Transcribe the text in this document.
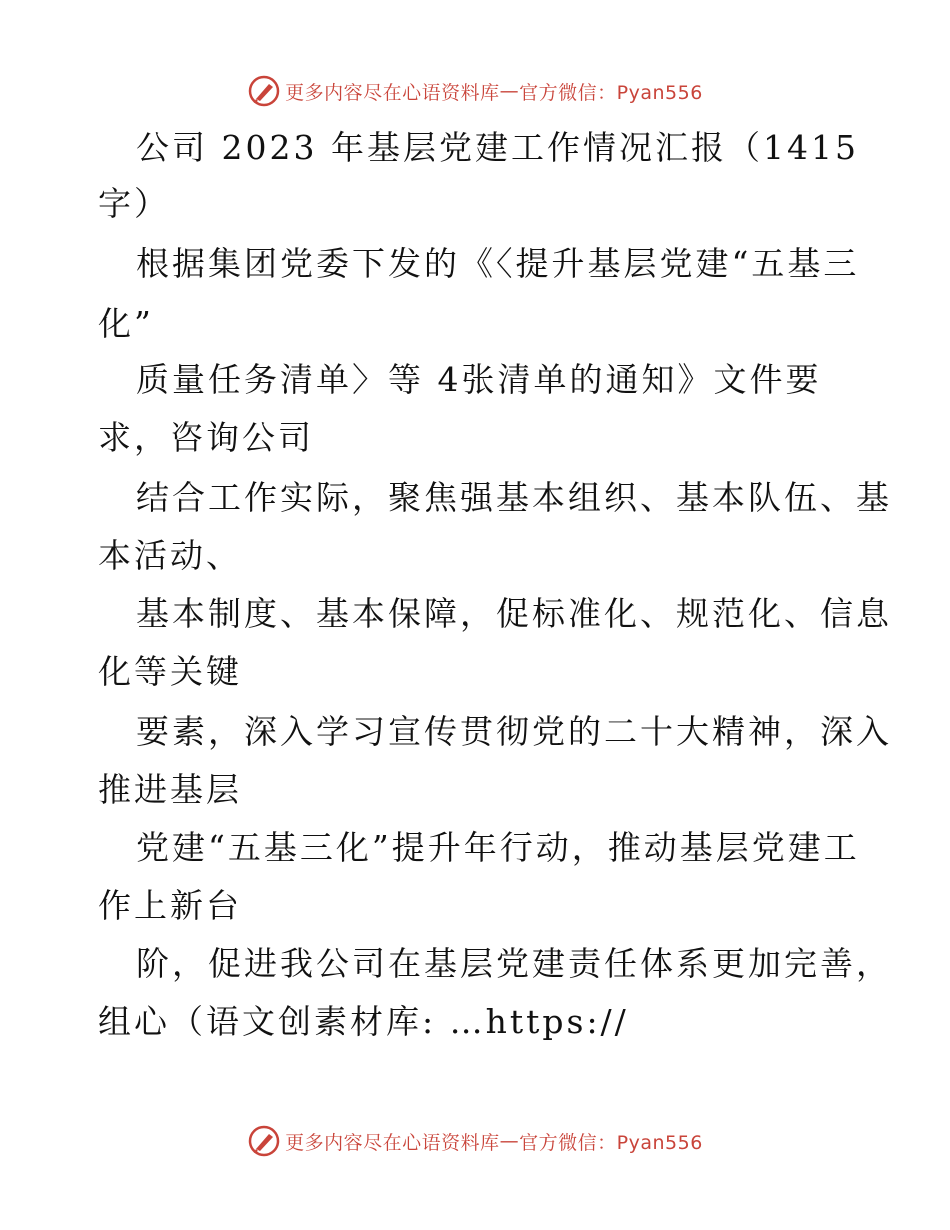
更多内容尽在心语资料库 — 官方微信：Pyan556
公司 2023 年基层党建工作情况汇报（1415
字）
根据集团党委下发的《〈提升基层党建“五基三
化”
质量任务清单〉等 4张清单的通知》文件要
求，咨询公司
结合工作实际，聚焦强基本组织、基本队伍、基
本活动、
基本制度、基本保障，促标准化、规范化、信息
化等关键
要素，深入学习宣传贯彻党的二十大精神，深入
推进基层
党建“五基三化”提升年行动，推动基层党建工
作上新台
阶，促进我公司在基层党建责任体系更加完善，
组心（语文创素材库: …https://
更多内容尽在心语资料库 — 官方微信：Pyan556
